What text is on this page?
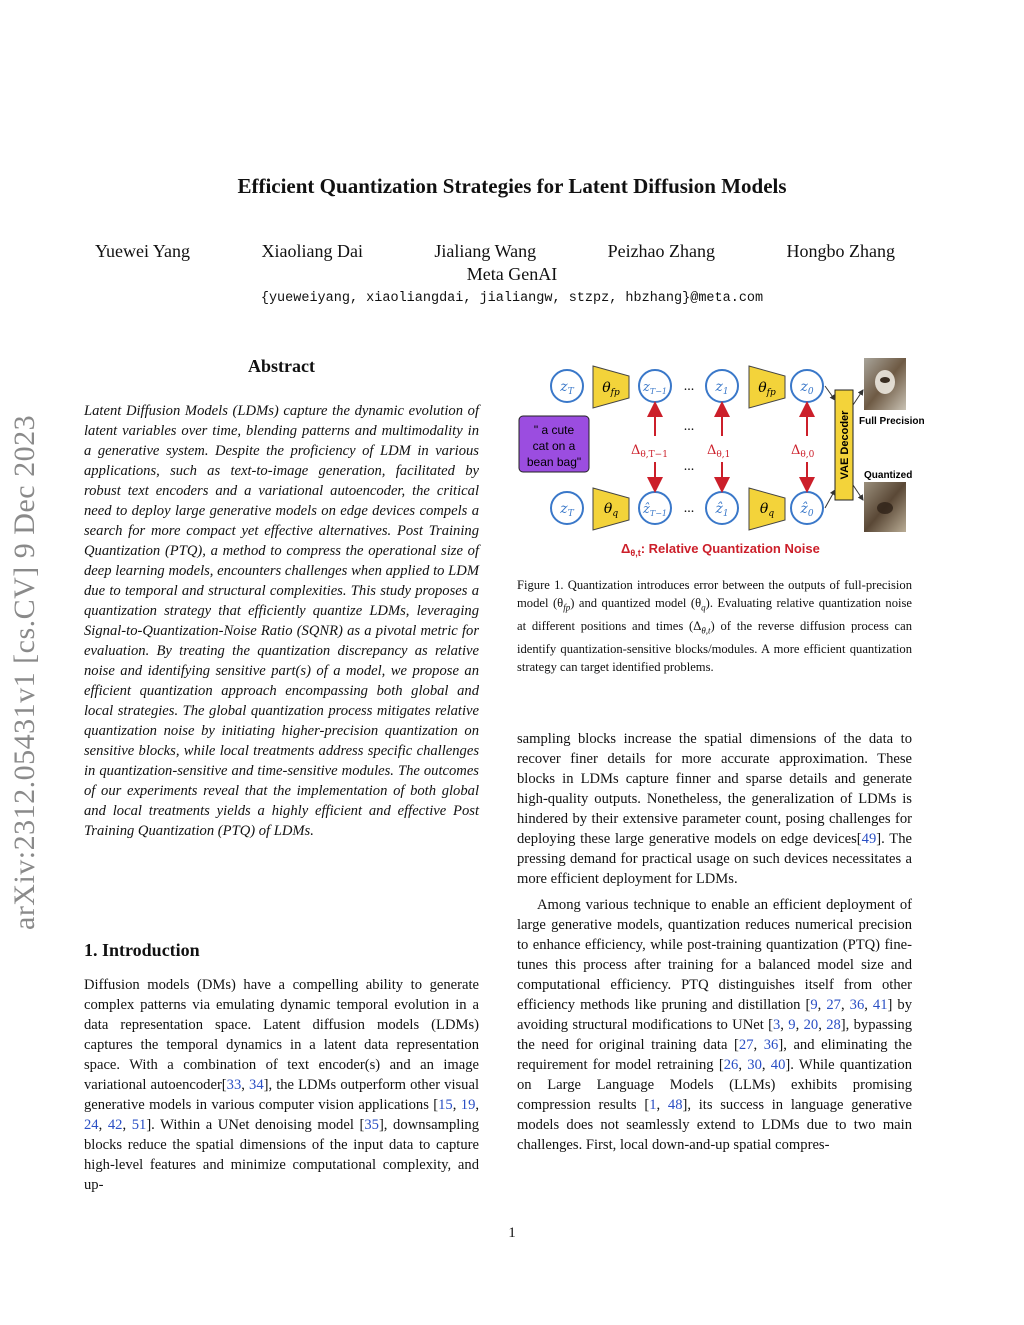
Efficient Quantization Strategies for Latent Diffusion Models
Yuewei Yang	Xiaoliang Dai	Jialiang Wang	Peizhao Zhang	Hongbo Zhang
Meta GenAI
{yueweiyang, xiaoliangdai, jialiangw, stzpz, hbzhang}@meta.com
arXiv:2312.05431v1 [cs.CV] 9 Dec 2023
Abstract
Latent Diffusion Models (LDMs) capture the dynamic evolution of latent variables over time, blending patterns and multimodality in a generative system. Despite the proficiency of LDM in various applications, such as text-to-image generation, facilitated by robust text encoders and a variational autoencoder, the critical need to deploy large generative models on edge devices compels a search for more compact yet effective alternatives. Post Training Quantization (PTQ), a method to compress the operational size of deep learning models, encounters challenges when applied to LDM due to temporal and structural complexities. This study proposes a quantization strategy that efficiently quantize LDMs, leveraging Signal-to-Quantization-Noise Ratio (SQNR) as a pivotal metric for evaluation. By treating the quantization discrepancy as relative noise and identifying sensitive part(s) of a model, we propose an efficient quantization approach encompassing both global and local strategies. The global quantization process mitigates relative quantization noise by initiating higher-precision quantization on sensitive blocks, while local treatments address specific challenges in quantization-sensitive and time-sensitive modules. The outcomes of our experiments reveal that the implementation of both global and local treatments yields a highly efficient and effective Post Training Quantization (PTQ) of LDMs.
1. Introduction
Diffusion models (DMs) have a compelling ability to generate complex patterns via emulating dynamic temporal evolution in a data representation space. Latent diffusion models (LDMs) captures the temporal dynamics in a latent data representation space. With a combination of text encoder(s) and an image variational autoencoder[33, 34], the LDMs outperform other visual generative models in various computer vision applications [15, 19, 24, 42, 51]. Within a UNet denoising model [35], downsampling blocks reduce the spatial dimensions of the input data to capture high-level features and minimize computational complexity, and up-

sampling blocks increase the spatial dimensions of the data to recover finer details for more accurate approximation. These blocks in LDMs capture finner and sparse details and generate high-quality outputs. Nonetheless, the generalization of LDMs is hindered by their extensive parameter count, posing challenges for deploying these large generative models on edge devices[49]. The pressing demand for practical usage on such devices necessitates a more efficient deployment for LDMs.

Among various technique to enable an efficient deployment of large generative models, quantization reduces numerical precision to enhance efficiency, while post-training quantization (PTQ) fine-tunes this process after training for a balanced model size and computational efficiency. PTQ distinguishes itself from other efficiency methods like pruning and distillation [9, 27, 36, 41] by avoiding structural modifications to UNet [3, 9, 20, 28], bypassing the need for original training data [27, 36], and eliminating the requirement for model retraining [26, 30, 40]. While quantization on Large Language Models (LLMs) exhibits promising compression results [1, 48], its success in language generative models does not seamlessly extend to LDMs due to two main challenges. First, local down-and-up spatial compres-

$z_T$ $\theta_{fp}$ $z_{T-1}$ ... $z_1$ $\theta_{fp}$ $z_0$
$z_T$ $\theta_q$ ẑ$_{T-1}$ ... ẑ$_1$ $\theta_q$ ẑ$_0$
...
...
$\Delta_{\theta,T-1}$	$\Delta_{\theta,1}$	$\Delta_{\theta,0}$
" a cute
cat on a
bean bag"	VAE Decoder Full Precision
Quantized
$\Delta_{\theta,t}$: Relative Quantization Noise
Figure 1. Quantization introduces error between the outputs of full-precision model $(\theta_{fp})$ and quantized model $(\theta_q)$. Evaluating relative quantization noise at different positions and times $(\Delta_{\theta,t})$ of the reverse diffusion process can identify quantization-sensitive blocks/modules. A more efficient quantization strategy can target identified problems.
1
